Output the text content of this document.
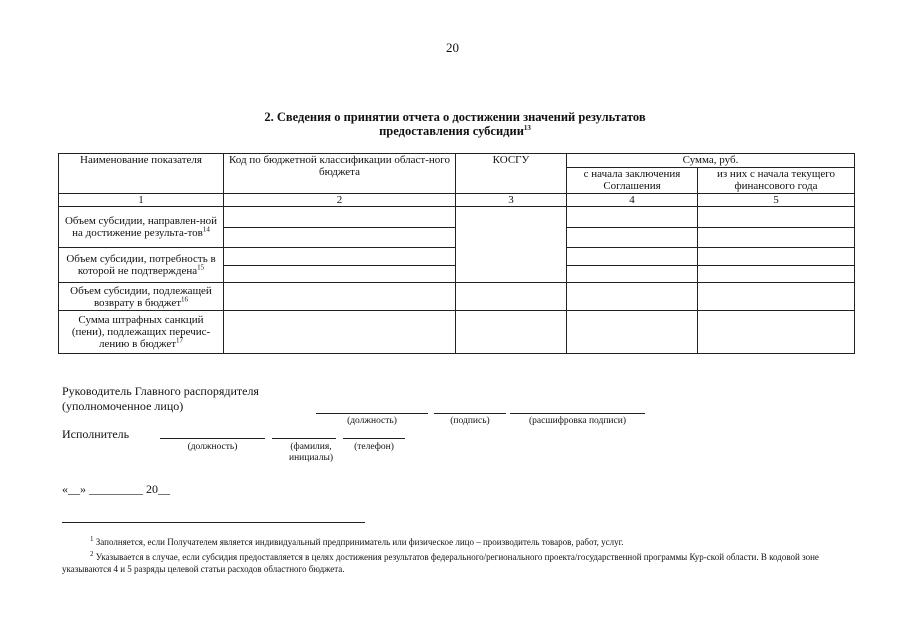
20
2. Сведения о принятии отчета о достижении значений результатов
предоставления субсидии$^{13}$
Наименование показателя	Код по бюджетной классификации област-ного бюджета	КОСГУ	Сумма, руб.	
			с начала заключения Соглашения	из них с начала текущего финансового года
1	2	3	4	5
Объем субсидии, направлен-ной на достижение результа-тов$^{14}$	

Объем субсидии, потребность в которой не подтверждена$^{15}$	

Объем субсидии, подлежащей возврату в бюджет$^{16}$				
Сумма штрафных санкций (пени), подлежащих перечис-лению в бюджет$^{17}$				
Руководитель Главного распорядителя
(уполномоченное лицо)
(должность)	(подпись)	(расшифровка подписи)
Исполнитель
(должность)	(фамилия, инициалы)
(телефон)
«__» _________ 20__
$^1$ Заполняется, если Получателем является индивидуальный предприниматель или физическое лицо – производитель товаров, работ, услуг.
$^2$ Указывается в случае, если субсидия предоставляется в целях достижения результатов федерального/регионального проекта/государственной программы Кур-ской области. В кодовой зоне указываются 4 и 5 разряды целевой статьи расходов областного бюджета.
